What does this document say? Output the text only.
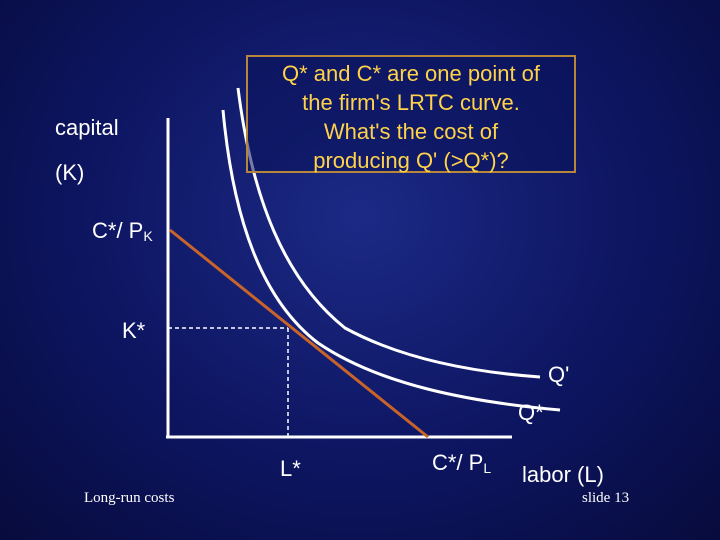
Q* and C* are one point of
the firm's LRTC curve.
What's the cost of
producing Q' (>Q*)?
capital
(K)
C*/ $P_K$
K*
Q'
Q*
L*	C*/ $P_L$ labor (L)
Long-run costs	slide 13
